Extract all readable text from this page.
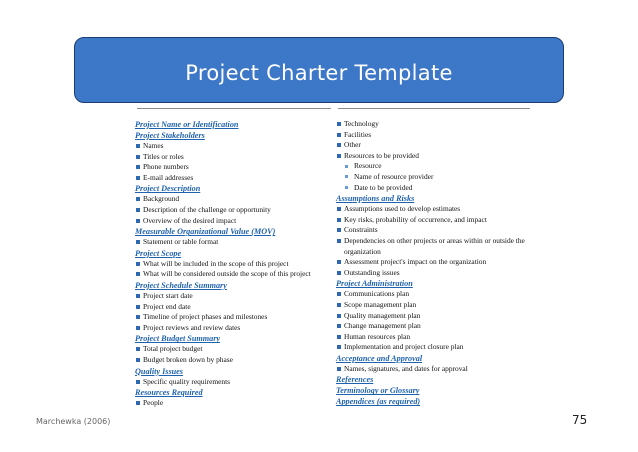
Project Charter Template
Project Name or Identification
Project Stakeholders
Names
Titles or roles
Phone numbers
E-mail addresses
Project Description
Background
Description of the challenge or opportunity
Overview of the desired impact
Measurable Organizational Value (MOV)
Statement or table format
Project Scope
What will be included in the scope of this project
What will be considered outside the scope of this project
Project Schedule Summary
Project start date
Project end date
Timeline of project phases and milestones
Project reviews and review dates
Project Budget Summary
Total project budget
Budget broken down by phase
Quality Issues
Specific quality requirements
Resources Required
People
Technology
Facilities
Other
Resources to be provided
Resource
Name of resource provider
Date to be provided
Assumptions and Risks
Assumptions used to develop estimates
Key risks, probability of occurrence, and impact
Constraints
Dependencies on other projects or areas within or outside the organization
Assessment project's impact on the organization
Outstanding issues
Project Administration
Communications plan
Scope management plan
Quality management plan
Change management plan
Human resources plan
Implementation and project closure plan
Acceptance and Approval
Names, signatures, and dates for approval
References
Terminology or Glossary
Appendices (as required)
Marchewka (2006)	75
